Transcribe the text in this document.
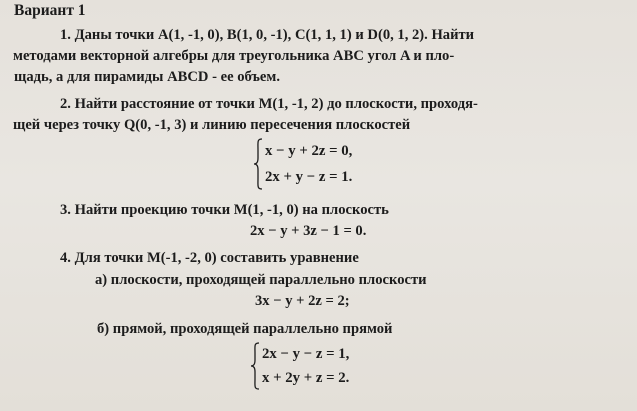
Вариант 1
1. Даны точки A(1, -1, 0), B(1, 0, -1), C(1, 1, 1) и D(0, 1, 2). Найти
методами векторной алгебры для треугольника ABC угол A и пло-
щадь, а для пирамиды ABCD - ее объем.
2. Найти расстояние от точки M(1, -1, 2) до плоскости, проходя-
щей через точку Q(0, -1, 3) и линию пересечения плоскостей
x − y + 2z = 0,
2x + y − z = 1.
3. Найти проекцию точки M(1, -1, 0) на плоскость
2x − y + 3z − 1 = 0.
4. Для точки M(-1, -2, 0) составить уравнение
а) плоскости, проходящей параллельно плоскости
3x − y + 2z = 2;
б) прямой, проходящей параллельно прямой
2x − y − z = 1,
x + 2y + z = 2.
